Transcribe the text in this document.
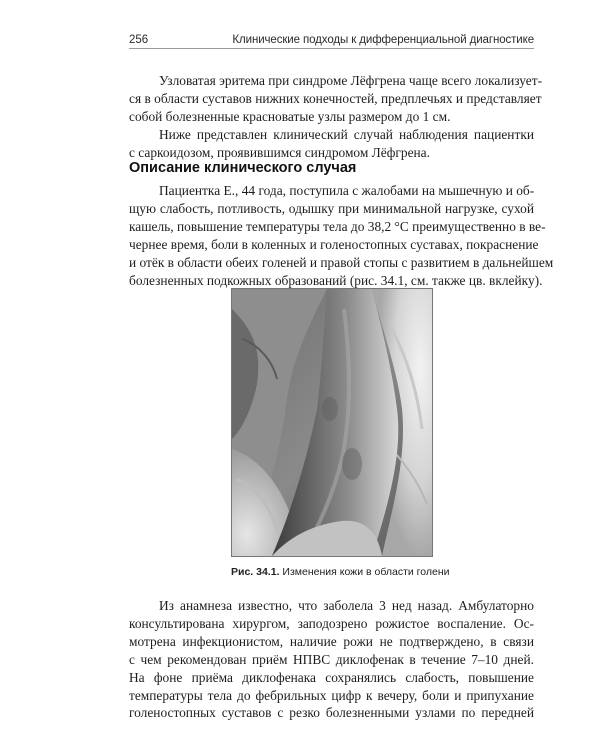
256	Клинические подходы к дифференциальной диагностике
Узловатая эритема при синдроме Лёфгрена чаще всего локализует-
ся в области суставов нижних конечностей, предплечьях и представляет
собой болезненные красноватые узлы размером до 1 см.
Ниже представлен клинический случай наблюдения пациентки
с саркоидозом, проявившимся синдромом Лёфгрена.
Описание клинического случая
Пациентка Е., 44 года, поступила с жалобами на мышечную и об-
щую слабость, потливость, одышку при минимальной нагрузке, сухой
кашель, повышение температуры тела до 38,2 °С преимущественно в ве-
чернее время, боли в коленных и голеностопных суставах, покраснение
и отёк в области обеих голеней и правой стопы с развитием в дальнейшем
болезненных подкожных образований (рис. 34.1, см. также цв. вклейку).
Рис. 34.1. Изменения кожи в области голени
Из анамнеза известно, что заболела 3 нед назад. Амбулаторно
консультирована хирургом, заподозрено рожистое воспаление. Ос-
мотрена инфекционистом, наличие рожи не подтверждено, в связи
с чем рекомендован приём НПВС диклофенак в течение 7–10 дней.
На фоне приёма диклофенака сохранялись слабость, повышение
температуры тела до фебрильных цифр к вечеру, боли и припухание
голеностопных суставов с резко болезненными узлами по передней
